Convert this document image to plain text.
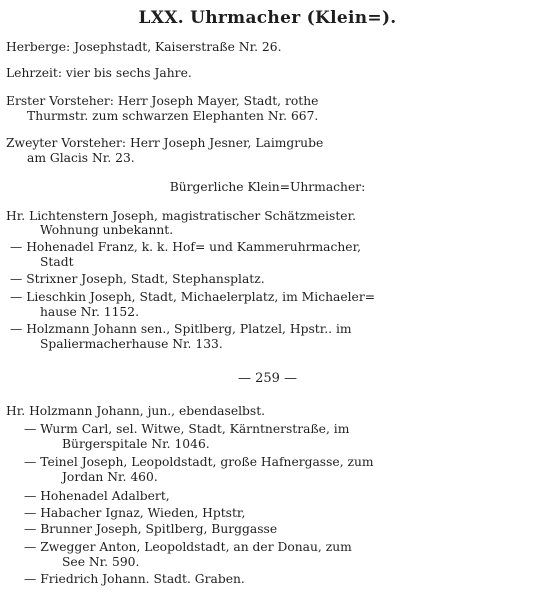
LXX. Uhrmacher (Klein=).
Herberge: Josephstadt, Kaiserstraße Nr. 26.
Lehrzeit: vier bis sechs Jahre.
Erster Vorsteher: Herr Joseph Mayer, Stadt, rothe
Thurmstr. zum schwarzen Elephanten Nr. 667.
Zweyter Vorsteher: Herr Joseph Jesner, Laimgrube
am Glacis Nr. 23.
Bürgerliche Klein=Uhrmacher:
Hr. Lichtenstern Joseph, magistratischer Schätzmeister.
Wohnung unbekannt.
— Hohenadel Franz, k. k. Hof= und Kammeruhrmacher,
Stadt
— Strixner Joseph, Stadt, Stephansplatz.
— Lieschkin Joseph, Stadt, Michaelerplatz, im Michaeler=
hause Nr. 1152.
— Holzmann Johann sen., Spitlberg, Platzel, Hpstr.. im
Spaliermacherhause Nr. 133.
— 259 —
Hr. Holzmann Johann, jun., ebendaselbst.
— Wurm Carl, sel. Witwe, Stadt, Kärntnerstraße, im
Bürgerspitale Nr. 1046.
— Teinel Joseph, Leopoldstadt, große Hafnergasse, zum
Jordan Nr. 460.
— Hohenadel Adalbert,
— Habacher Ignaz, Wieden, Hptstr,
— Brunner Joseph, Spitlberg, Burggasse
— Zwegger Anton, Leopoldstadt, an der Donau, zum
See Nr. 590.
— Friedrich Johann. Stadt. Graben.
